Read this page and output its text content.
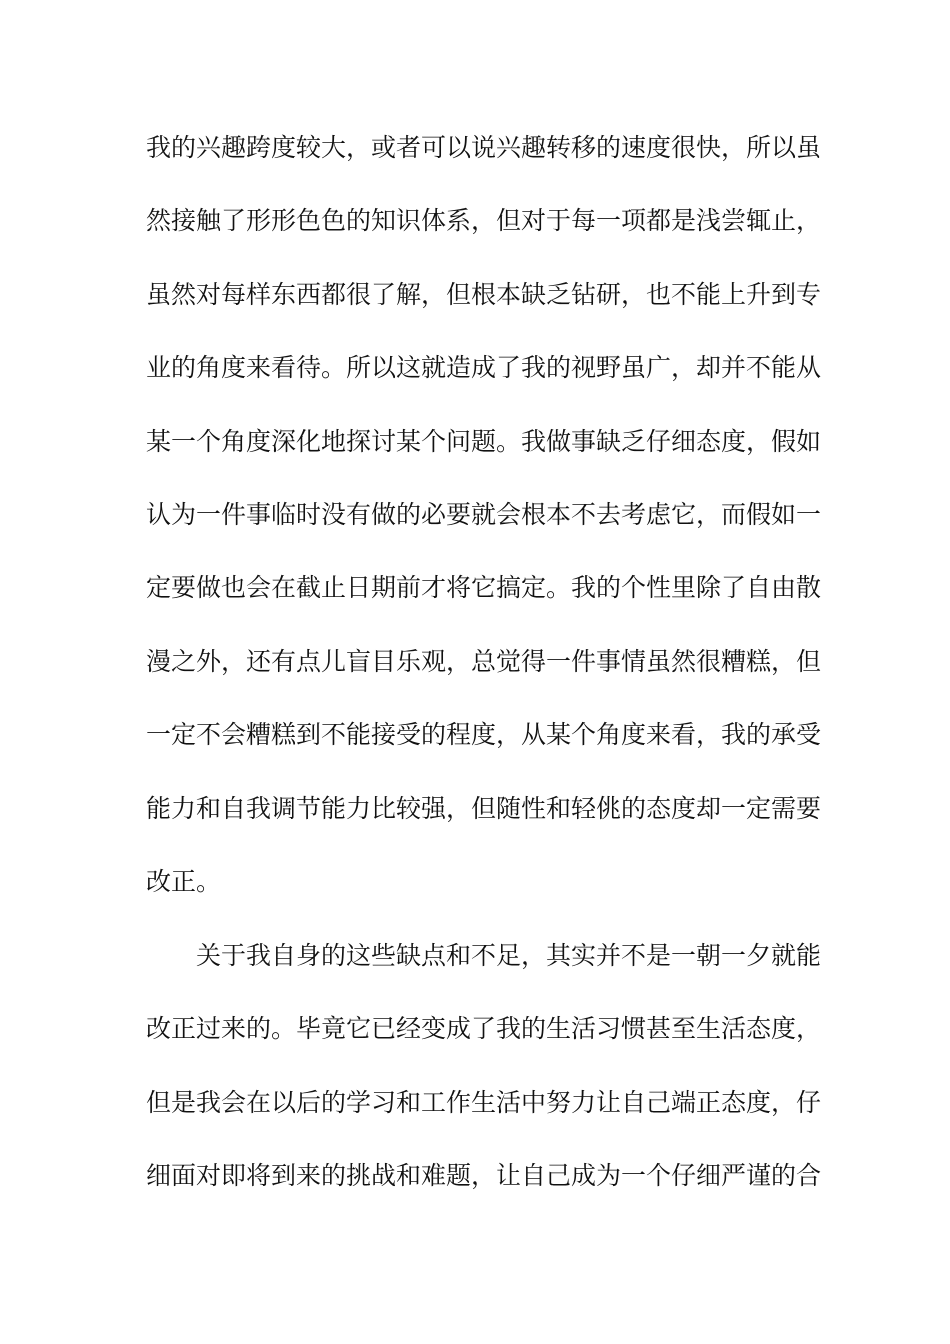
我的兴趣跨度较大，或者可以说兴趣转移的速度很快，所以虽
然接触了形形色色的知识体系，但对于每一项都是浅尝辄止，
虽然对每样东西都很了解，但根本缺乏钻研，也不能上升到专
业的角度来看待。所以这就造成了我的视野虽广，却并不能从
某一个角度深化地探讨某个问题。我做事缺乏仔细态度，假如
认为一件事临时没有做的必要就会根本不去考虑它，而假如一
定要做也会在截止日期前才将它搞定。我的个性里除了自由散
漫之外，还有点儿盲目乐观，总觉得一件事情虽然很糟糕，但
一定不会糟糕到不能接受的程度，从某个角度来看，我的承受
能力和自我调节能力比较强，但随性和轻佻的态度却一定需要
改正。
关于我自身的这些缺点和不足，其实并不是一朝一夕就能
改正过来的。毕竟它已经变成了我的生活习惯甚至生活态度，
但是我会在以后的学习和工作生活中努力让自己端正态度，仔
细面对即将到来的挑战和难题，让自己成为一个仔细严谨的合
